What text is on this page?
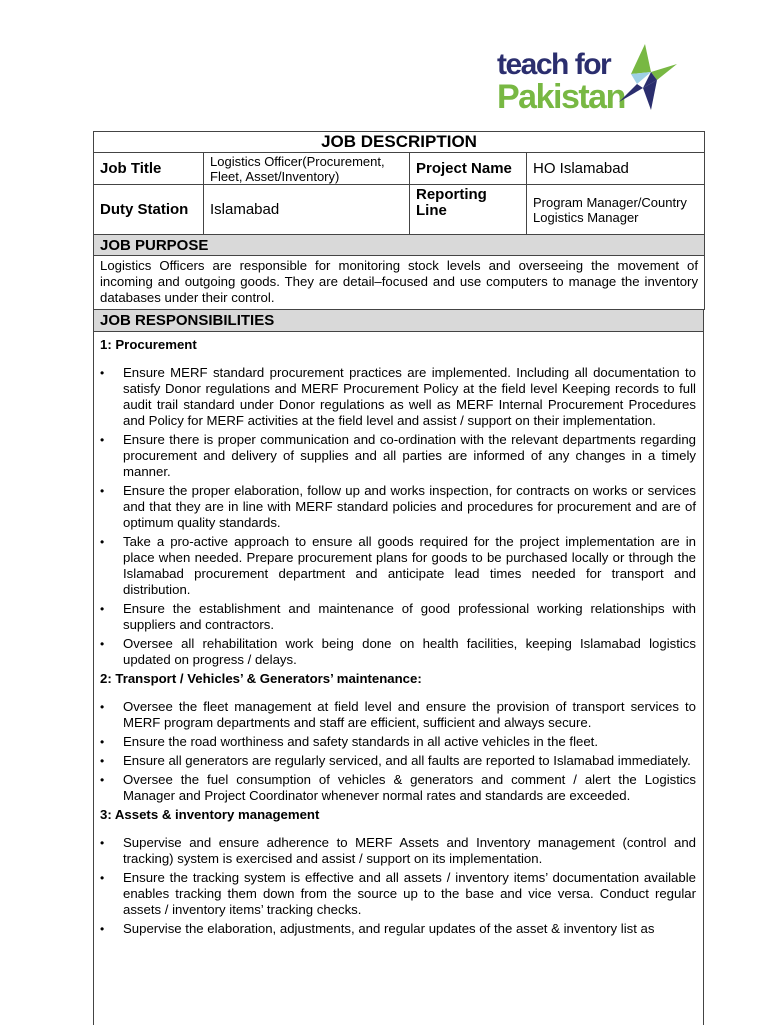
teach for
Pakistan
JOB DESCRIPTION			
Job Title	Logistics Officer(Procurement, Fleet, Asset/Inventory)	Project Name	HO Islamabad
Duty Station	Islamabad	Reporting Line	Program Manager/Country Logistics Manager
JOB PURPOSE			
Logistics Officers are responsible for monitoring stock levels and overseeing the movement of incoming and outgoing goods. They are detail–focused and use computers to manage the inventory databases under their control.			
JOB RESPONSIBILITIES
1: Procurement
• Ensure MERF standard procurement practices are implemented. Including all documentation to satisfy Donor regulations and MERF Procurement Policy at the field level Keeping records to full audit trail standard under Donor regulations as well as MERF Internal Procurement Procedures and Policy for MERF activities at the field level and assist / support on their implementation.
• Ensure there is proper communication and co-ordination with the relevant departments regarding procurement and delivery of supplies and all parties are informed of any changes in a timely manner.
• Ensure the proper elaboration, follow up and works inspection, for contracts on works or services and that they are in line with MERF standard policies and procedures for procurement and are of optimum quality standards.
• Take a pro-active approach to ensure all goods required for the project implementation are in place when needed. Prepare procurement plans for goods to be purchased locally or through the Islamabad procurement department and anticipate lead times needed for transport and distribution.
• Ensure the establishment and maintenance of good professional working relationships with suppliers and contractors.
• Oversee all rehabilitation work being done on health facilities, keeping Islamabad logistics updated on progress / delays.
2: Transport / Vehicles’ & Generators’ maintenance:
• Oversee the fleet management at field level and ensure the provision of transport services to MERF program departments and staff are efficient, sufficient and always secure.
• Ensure the road worthiness and safety standards in all active vehicles in the fleet.
• Ensure all generators are regularly serviced, and all faults are reported to Islamabad immediately.
• Oversee the fuel consumption of vehicles & generators and comment / alert the Logistics Manager and Project Coordinator whenever normal rates and standards are exceeded.
3: Assets & inventory management
• Supervise and ensure adherence to MERF Assets and Inventory management (control and tracking) system is exercised and assist / support on its implementation.
• Ensure the tracking system is effective and all assets / inventory items’ documentation available enables tracking them down from the source up to the base and vice versa. Conduct regular assets / inventory items’ tracking checks.
• Supervise the elaboration, adjustments, and regular updates of the asset & inventory list as
